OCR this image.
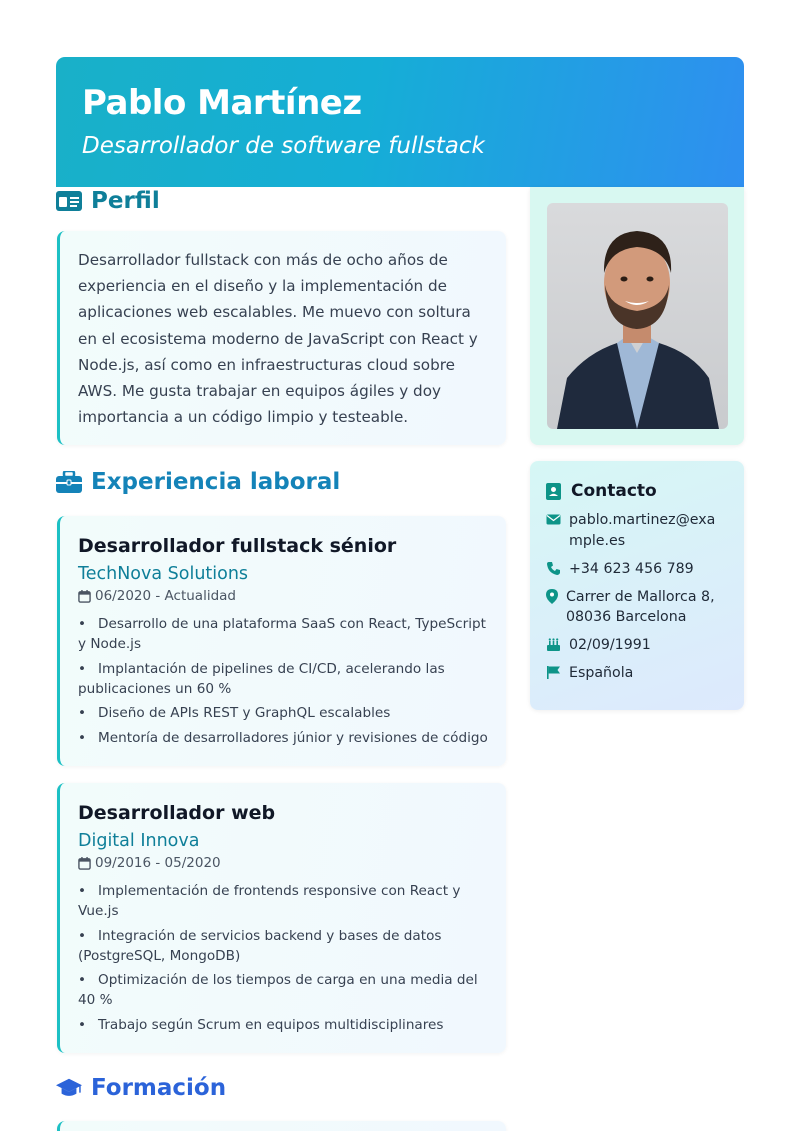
Pablo Martínez
Desarrollador de software fullstack
Perfil
Desarrollador fullstack con más de ocho años de experiencia en el diseño y la implementación de aplicaciones web escalables. Me muevo con soltura en el ecosistema moderno de JavaScript con React y Node.js, así como en infraestructuras cloud sobre AWS. Me gusta trabajar en equipos ágiles y doy importancia a un código limpio y testeable.
Experiencia laboral
Desarrollador fullstack sénior
TechNova Solutions
06/2020 - Actualidad
• Desarrollo de una plataforma SaaS con React, TypeScript y Node.js
• Implantación de pipelines de CI/CD, acelerando las publicaciones un 60 %
• Diseño de APIs REST y GraphQL escalables
• Mentoría de desarrolladores júnior y revisiones de código
Desarrollador web
Digital Innova
09/2016 - 05/2020
• Implementación de frontends responsive con React y Vue.js
• Integración de servicios backend y bases de datos (PostgreSQL, MongoDB)
• Optimización de los tiempos de carga en una media del 40 %
• Trabajo según Scrum en equipos multidisciplinares
Formación
Contacto
pablo.martinez@example.es
+34 623 456 789
Carrer de Mallorca 8, 08036 Barcelona
02/09/1991
Española
